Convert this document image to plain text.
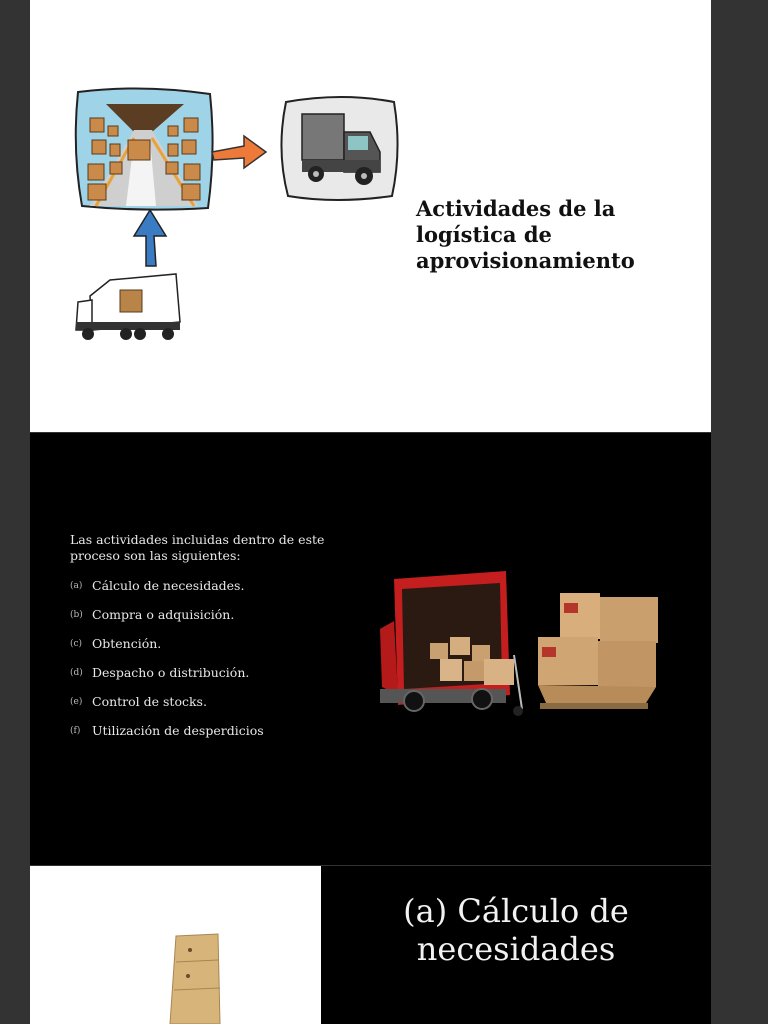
Actividades de la
logística de
aprovisionamiento
Las actividades incluidas dentro de este proceso son las siguientes:
(a) Cálculo de necesidades.
(b) Compra o adquisición.
(c) Obtención.
(d) Despacho o distribución.
(e) Control de stocks.
(f) Utilización de desperdicios
(a) Cálculo de
necesidades
